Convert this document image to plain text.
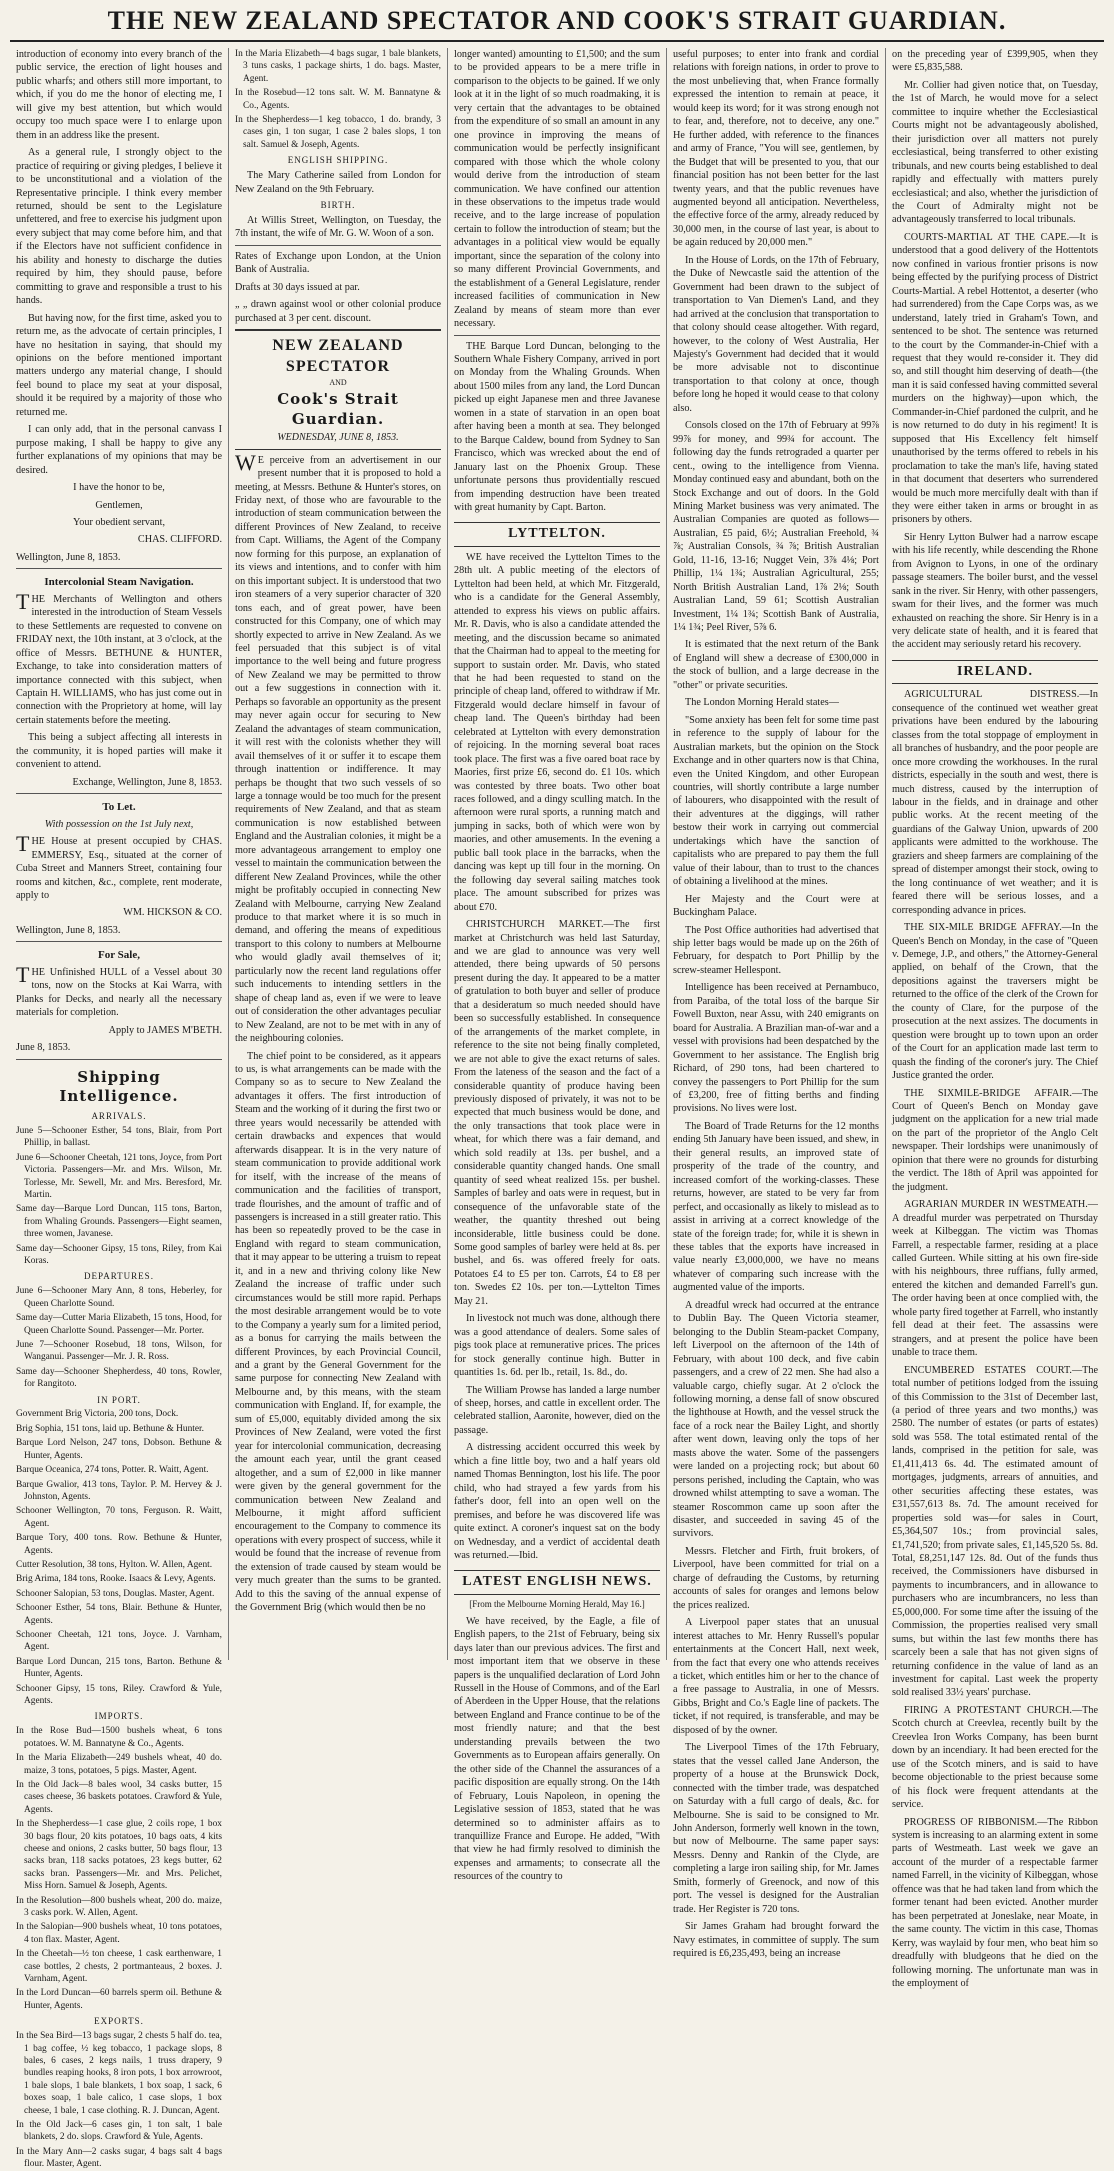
THE NEW ZEALAND SPECTATOR AND COOK'S STRAIT GUARDIAN.

introduction of economy into every branch of the public service, the erection of light houses and public wharfs; and others still more important, to which, if you do me the honor of electing me, I will give my best attention, but which would occupy too much space were I to enlarge upon them in an address like the present.

As a general rule, I strongly object to the practice of requiring or giving pledges, I believe it to be unconstitutional and a violation of the Representative principle. I think every member returned, should be sent to the Legislature unfettered, and free to exercise his judgment upon every subject that may come before him, and that if the Electors have not sufficient confidence in his ability and honesty to discharge the duties required by him, they should pause, before committing to grave and responsible a trust to his hands.

But having now, for the first time, asked you to return me, as the advocate of certain principles, I have no hesitation in saying, that should my opinions on the before mentioned important matters undergo any material change, I should feel bound to place my seat at your disposal, should it be required by a majority of those who returned me.

I can only add, that in the personal canvass I purpose making, I shall be happy to give any further explanations of my opinions that may be desired.

I have the honor to be,

Gentlemen,

Your obedient servant,

CHAS. CLIFFORD.

Wellington, June 8, 1853.

Intercolonial Steam Navigation.

THE Merchants of Wellington and others interested in the introduction of Steam Vessels to these Settlements are requested to convene on FRIDAY next, the 10th instant, at 3 o'clock, at the office of Messrs. BETHUNE & HUNTER, Exchange, to take into consideration matters of importance connected with this subject, when Captain H. WILLIAMS, who has just come out in connection with the Proprietory at home, will lay certain statements before the meeting.

This being a subject affecting all interests in the community, it is hoped parties will make it convenient to attend.

Exchange, Wellington, June 8, 1853.

To Let.

With possession on the 1st July next,

THE House at present occupied by CHAS. EMMERSY, Esq., situated at the corner of Cuba Street and Manners Street, containing four rooms and kitchen, &c., complete, rent moderate, apply to

WM. HICKSON & CO.

Wellington, June 8, 1853.

For Sale,

THE Unfinished HULL of a Vessel about 30 tons, now on the Stocks at Kai Warra, with Planks for Decks, and nearly all the necessary materials for completion.

Apply to JAMES M'BETH.

June 8, 1853.

Shipping Intelligence.
ARRIVALS.
June 5—Schooner Esther, 54 tons, Blair, from Port Phillip, in ballast.
June 6—Schooner Cheetah, 121 tons, Joyce, from Port Victoria. Passengers—Mr. and Mrs. Wilson, Mr. Torlesse, Mr. Sewell, Mr. and Mrs. Beresford, Mr. Martin.
Same day—Barque Lord Duncan, 115 tons, Barton, from Whaling Grounds. Passengers—Eight seamen, three women, Javanese.
Same day—Schooner Gipsy, 15 tons, Riley, from Kai Koras.
DEPARTURES.
June 6—Schooner Mary Ann, 8 tons, Heberley, for Queen Charlotte Sound.
Same day—Cutter Maria Elizabeth, 15 tons, Hood, for Queen Charlotte Sound. Passenger—Mr. Porter.
June 7—Schooner Rosebud, 18 tons, Wilson, for Wanganui. Passenger—Mr. J. R. Ross.
Same day—Schooner Shepherdess, 40 tons, Rowler, for Rangitoto.
IN PORT.
Government Brig Victoria, 200 tons, Dock.
Brig Sophia, 151 tons, laid up. Bethune & Hunter.
Barque Lord Nelson, 247 tons, Dobson. Bethune & Hunter, Agents.
Barque Oceanica, 274 tons, Potter. R. Waitt, Agent.
Barque Gwalior, 413 tons, Taylor. P. M. Hervey & J. Johnston, Agents.
Schooner Wellington, 70 tons, Ferguson. R. Waitt, Agent.
Barque Tory, 400 tons. Row. Bethune & Hunter, Agents.
Cutter Resolution, 38 tons, Hylton. W. Allen, Agent.
Brig Arima, 184 tons, Rooke. Isaacs & Levy, Agents.
Schooner Salopian, 53 tons, Douglas. Master, Agent.
Schooner Esther, 54 tons, Blair. Bethune & Hunter, Agents.
Schooner Cheetah, 121 tons, Joyce. J. Varnham, Agent.
Barque Lord Duncan, 215 tons, Barton. Bethune & Hunter, Agents.
Schooner Gipsy, 15 tons, Riley. Crawford & Yule, Agents.
IMPORTS.
In the Rose Bud—1500 bushels wheat, 6 tons potatoes. W. M. Bannatyne & Co., Agents.
In the Maria Elizabeth—249 bushels wheat, 40 do. maize, 3 tons, potatoes, 5 pigs. Master, Agent.
In the Old Jack—8 bales wool, 34 casks butter, 15 cases cheese, 36 baskets potatoes. Crawford & Yule, Agents.
In the Shepherdess—1 case glue, 2 coils rope, 1 box 30 bags flour, 20 kits potatoes, 10 bags oats, 4 kits cheese and onions, 2 casks butter, 50 bags flour, 13 sacks bran, 118 sacks potatoes, 23 kegs butter, 62 sacks bran. Passengers—Mr. and Mrs. Pelichet, Miss Horn. Samuel & Joseph, Agents.
In the Resolution—800 bushels wheat, 200 do. maize, 3 casks pork. W. Allen, Agent.
In the Salopian—900 bushels wheat, 10 tons potatoes, 4 ton flax. Master, Agent.
In the Cheetah—½ ton cheese, 1 cask earthenware, 1 case bottles, 2 chests, 2 portmanteaus, 2 boxes. J. Varnham, Agent.
In the Lord Duncan—60 barrels sperm oil. Bethune & Hunter, Agents.
EXPORTS.
In the Sea Bird—13 bags sugar, 2 chests 5 half do. tea, 1 bag coffee, ½ keg tobacco, 1 package slops, 8 bales, 6 cases, 2 kegs nails, 1 truss drapery, 9 bundles reaping hooks, 8 iron pots, 1 box arrowroot, 1 bale slops, 1 bale blankets, 1 box soap, 1 sack, 6 boxes soap, 1 bale calico, 1 case slops, 1 box cheese, 1 bale, 1 case clothing. R. J. Duncan, Agent.
In the Old Jack—6 cases gin, 1 ton salt, 1 bale blankets, 2 do. slops. Crawford & Yule, Agents.
In the Mary Ann—2 casks sugar, 4 bags salt 4 bags flour. Master, Agent.
In the Maria Elizabeth—4 bags sugar, 1 bale blankets, 3 tuns casks, 1 package shirts, 1 do. bags. Master, Agent.
In the Rosebud—12 tons salt. W. M. Bannatyne & Co., Agents.
In the Shepherdess—1 keg tobacco, 1 do. brandy, 3 cases gin, 1 ton sugar, 1 case 2 bales slops, 1 ton salt. Samuel & Joseph, Agents.
ENGLISH SHIPPING.

The Mary Catherine sailed from London for New Zealand on the 9th February.

BIRTH.

At Willis Street, Wellington, on Tuesday, the 7th instant, the wife of Mr. G. W. Woon of a son.

Rates of Exchange upon London, at the Union Bank of Australia.

Drafts at 30 days issued at par.

„ „ drawn against wool or other colonial produce purchased at 3 per cent. discount.

NEW ZEALAND SPECTATOR
AND
Cook's Strait Guardian.
WEDNESDAY, JUNE 8, 1853.

WE perceive from an advertisement in our present number that it is proposed to hold a meeting, at Messrs. Bethune & Hunter's stores, on Friday next, of those who are favourable to the introduction of steam communication between the different Provinces of New Zealand, to receive from Capt. Williams, the Agent of the Company now forming for this purpose, an explanation of its views and intentions, and to confer with him on this important subject. It is understood that two iron steamers of a very superior character of 320 tons each, and of great power, have been constructed for this Company, one of which may shortly expected to arrive in New Zealand. As we feel persuaded that this subject is of vital importance to the well being and future progress of New Zealand we may be permitted to throw out a few suggestions in connection with it. Perhaps so favorable an opportunity as the present may never again occur for securing to New Zealand the advantages of steam communication, it will rest with the colonists whether they will avail themselves of it or suffer it to escape them through inattention or indifference. It may perhaps be thought that two such vessels of so large a tonnage would be too much for the present requirements of New Zealand, and that as steam communication is now established between England and the Australian colonies, it might be a more advantageous arrangement to employ one vessel to maintain the communication between the different New Zealand Provinces, while the other might be profitably occupied in connecting New Zealand with Melbourne, carrying New Zealand produce to that market where it is so much in demand, and offering the means of expeditious transport to this colony to numbers at Melbourne who would gladly avail themselves of it; particularly now the recent land regulations offer such inducements to intending settlers in the shape of cheap land as, even if we were to leave out of consideration the other advantages peculiar to New Zealand, are not to be met with in any of the neighbouring colonies.

The chief point to be considered, as it appears to us, is what arrangements can be made with the Company so as to secure to New Zealand the advantages it offers. The first introduction of Steam and the working of it during the first two or three years would necessarily be attended with certain drawbacks and expences that would afterwards disappear. It is in the very nature of steam communication to provide additional work for itself, with the increase of the means of communication and the facilities of transport, trade flourishes, and the amount of traffic and of passengers is increased in a still greater ratio. This has been so repeatedly proved to be the case in England with regard to steam communication, that it may appear to be uttering a truism to repeat it, and in a new and thriving colony like New Zealand the increase of traffic under such circumstances would be still more rapid. Perhaps the most desirable arrangement would be to vote to the Company a yearly sum for a limited period, as a bonus for carrying the mails between the different Provinces, by each Provincial Council, and a grant by the General Government for the same purpose for connecting New Zealand with Melbourne and, by this means, with the steam communication with England. If, for example, the sum of £5,000, equitably divided among the six Provinces of New Zealand, were voted the first year for intercolonial communication, decreasing the amount each year, until the grant ceased altogether, and a sum of £2,000 in like manner were given by the general government for the communication between New Zealand and Melbourne, it might afford sufficient encouragement to the Company to commence its operations with every prospect of success, while it would be found that the increase of revenue from the extension of trade caused by steam would be very much greater than the sums to be granted. Add to this the saving of the annual expense of the Government Brig (which would then be no

longer wanted) amounting to £1,500; and the sum to be provided appears to be a mere trifle in comparison to the objects to be gained. If we only look at it in the light of so much roadmaking, it is very certain that the advantages to be obtained from the expenditure of so small an amount in any one province in improving the means of communication would be perfectly insignificant compared with those which the whole colony would derive from the introduction of steam communication. We have confined our attention in these observations to the impetus trade would receive, and to the large increase of population certain to follow the introduction of steam; but the advantages in a political view would be equally important, since the separation of the colony into so many different Provincial Governments, and the establishment of a General Legislature, render increased facilities of communication in New Zealand by means of steam more than ever necessary.

THE Barque Lord Duncan, belonging to the Southern Whale Fishery Company, arrived in port on Monday from the Whaling Grounds. When about 1500 miles from any land, the Lord Duncan picked up eight Japanese men and three Javanese women in a state of starvation in an open boat after having been a month at sea. They belonged to the Barque Caldew, bound from Sydney to San Francisco, which was wrecked about the end of January last on the Phoenix Group. These unfortunate persons thus providentially rescued from impending destruction have been treated with great humanity by Capt. Barton.

LYTTELTON.

WE have received the Lyttelton Times to the 28th ult. A public meeting of the electors of Lyttelton had been held, at which Mr. Fitzgerald, who is a candidate for the General Assembly, attended to express his views on public affairs. Mr. R. Davis, who is also a candidate attended the meeting, and the discussion became so animated that the Chairman had to appeal to the meeting for support to sustain order. Mr. Davis, who stated that he had been requested to stand on the principle of cheap land, offered to withdraw if Mr. Fitzgerald would declare himself in favour of cheap land. The Queen's birthday had been celebrated at Lyttelton with every demonstration of rejoicing. In the morning several boat races took place. The first was a five oared boat race by Maories, first prize £6, second do. £1 10s. which was contested by three boats. Two other boat races followed, and a dingy sculling match. In the afternoon were rural sports, a running match and jumping in sacks, both of which were won by maories, and other amusements. In the evening a public ball took place in the barracks, when the dancing was kept up till four in the morning. On the following day several sailing matches took place. The amount subscribed for prizes was about £70.

CHRISTCHURCH MARKET.—The first market at Christchurch was held last Saturday, and we are glad to announce was very well attended, there being upwards of 50 persons present during the day. It appeared to be a matter of gratulation to both buyer and seller of produce that a desideratum so much needed should have been so successfully established. In consequence of the arrangements of the market complete, in reference to the site not being finally completed, we are not able to give the exact returns of sales. From the lateness of the season and the fact of a considerable quantity of produce having been previously disposed of privately, it was not to be expected that much business would be done, and the only transactions that took place were in wheat, for which there was a fair demand, and which sold readily at 13s. per bushel, and a considerable quantity changed hands. One small quantity of seed wheat realized 15s. per bushel. Samples of barley and oats were in request, but in consequence of the unfavorable state of the weather, the quantity threshed out being inconsiderable, little business could be done. Some good samples of barley were held at 8s. per bushel, and 6s. was offered freely for oats. Potatoes £4 to £5 per ton. Carrots, £4 to £8 per ton. Swedes £2 10s. per ton.—Lyttelton Times May 21.

In livestock not much was done, although there was a good attendance of dealers. Some sales of pigs took place at remunerative prices. The prices for stock generally continue high. Butter in quantities 1s. 6d. per lb., retail, 1s. 8d., do.

The William Prowse has landed a large number of sheep, horses, and cattle in excellent order. The celebrated stallion, Aaronite, however, died on the passage.

A distressing accident occurred this week by which a fine little boy, two and a half years old named Thomas Bennington, lost his life. The poor child, who had strayed a few yards from his father's door, fell into an open well on the premises, and before he was discovered life was quite extinct. A coroner's inquest sat on the body on Wednesday, and a verdict of accidental death was returned.—Ibid.

LATEST ENGLISH NEWS.

[From the Melbourne Morning Herald, May 16.]

We have received, by the Eagle, a file of English papers, to the 21st of February, being six days later than our previous advices. The first and most important item that we observe in these papers is the unqualified declaration of Lord John Russell in the House of Commons, and of the Earl of Aberdeen in the Upper House, that the relations between England and France continue to be of the most friendly nature; and that the best understanding prevails between the two Governments as to European affairs generally. On the other side of the Channel the assurances of a pacific disposition are equally strong. On the 14th of February, Louis Napoleon, in opening the Legislative session of 1853, stated that he was determined so to administer affairs as to tranquillize France and Europe. He added, "With that view he had firmly resolved to diminish the expenses and armaments; to consecrate all the resources of the country to

useful purposes; to enter into frank and cordial relations with foreign nations, in order to prove to the most unbelieving that, when France formally expressed the intention to remain at peace, it would keep its word; for it was strong enough not to fear, and, therefore, not to deceive, any one." He further added, with reference to the finances and army of France, "You will see, gentlemen, by the Budget that will be presented to you, that our financial position has not been better for the last twenty years, and that the public revenues have augmented beyond all anticipation. Nevertheless, the effective force of the army, already reduced by 30,000 men, in the course of last year, is about to be again reduced by 20,000 men."

In the House of Lords, on the 17th of February, the Duke of Newcastle said the attention of the Government had been drawn to the subject of transportation to Van Diemen's Land, and they had arrived at the conclusion that transportation to that colony should cease altogether. With regard, however, to the colony of West Australia, Her Majesty's Government had decided that it would be more advisable not to discontinue transportation to that colony at once, though before long he hoped it would cease to that colony also.

Consols closed on the 17th of February at 99⅞ 99⅞ for money, and 99¾ for account. The following day the funds retrograded a quarter per cent., owing to the intelligence from Vienna. Monday continued easy and abundant, both on the Stock Exchange and out of doors. In the Gold Mining Market business was very animated. The Australian Companies are quoted as follows—Australian, £5 paid, 6½; Australian Freehold, ¾ ⅞; Australian Consols, ¾ ⅞; British Australian Gold, 11-16, 13-16; Nugget Vein, 3⅞ 4⅛; Port Phillip, 1¼ 1¾; Australian Agricultural, 255; North British Australian Land, 1⅞ 2⅛; South Australian Land, 59 61; Scottish Australian Investment, 1¼ 1¾; Scottish Bank of Australia, 1¼ 1¾; Peel River, 5⅞ 6.

It is estimated that the next return of the Bank of England will shew a decrease of £300,000 in the stock of bullion, and a large decrease in the "other" or private securities.

The London Morning Herald states—

"Some anxiety has been felt for some time past in reference to the supply of labour for the Australian markets, but the opinion on the Stock Exchange and in other quarters now is that China, even the United Kingdom, and other European countries, will shortly contribute a large number of labourers, who disappointed with the result of their adventures at the diggings, will rather bestow their work in carrying out commercial undertakings which have the sanction of capitalists who are prepared to pay them the full value of their labour, than to trust to the chances of obtaining a livelihood at the mines.

Her Majesty and the Court were at Buckingham Palace.

The Post Office authorities had advertised that ship letter bags would be made up on the 26th of February, for despatch to Port Phillip by the screw-steamer Hellespont.

Intelligence has been received at Pernambuco, from Paraiba, of the total loss of the barque Sir Fowell Buxton, near Assu, with 240 emigrants on board for Australia. A Brazilian man-of-war and a vessel with provisions had been despatched by the Government to her assistance. The English brig Richard, of 290 tons, had been chartered to convey the passengers to Port Phillip for the sum of £3,200, free of fitting berths and finding provisions. No lives were lost.

The Board of Trade Returns for the 12 months ending 5th January have been issued, and shew, in their general results, an improved state of prosperity of the trade of the country, and increased comfort of the working-classes. These returns, however, are stated to be very far from perfect, and occasionally as likely to mislead as to assist in arriving at a correct knowledge of the state of the foreign trade; for, while it is shewn in these tables that the exports have increased in value nearly £3,000,000, we have no means whatever of comparing such increase with the augmented value of the imports.

A dreadful wreck had occurred at the entrance to Dublin Bay. The Queen Victoria steamer, belonging to the Dublin Steam-packet Company, left Liverpool on the afternoon of the 14th of February, with about 100 deck, and five cabin passengers, and a crew of 22 men. She had also a valuable cargo, chiefly sugar. At 2 o'clock the following morning, a dense fall of snow obscured the lighthouse at Howth, and the vessel struck the face of a rock near the Bailey Light, and shortly after went down, leaving only the tops of her masts above the water. Some of the passengers were landed on a projecting rock; but about 60 persons perished, including the Captain, who was drowned whilst attempting to save a woman. The steamer Roscommon came up soon after the disaster, and succeeded in saving 45 of the survivors.

Messrs. Fletcher and Firth, fruit brokers, of Liverpool, have been committed for trial on a charge of defrauding the Customs, by returning accounts of sales for oranges and lemons below the prices realized.

A Liverpool paper states that an unusual interest attaches to Mr. Henry Russell's popular entertainments at the Concert Hall, next week, from the fact that every one who attends receives a ticket, which entitles him or her to the chance of a free passage to Australia, in one of Messrs. Gibbs, Bright and Co.'s Eagle line of packets. The ticket, if not required, is transferable, and may be disposed of by the owner.

The Liverpool Times of the 17th February, states that the vessel called Jane Anderson, the property of a house at the Brunswick Dock, connected with the timber trade, was despatched on Saturday with a full cargo of deals, &c. for Melbourne. She is said to be consigned to Mr. John Anderson, formerly well known in the town, but now of Melbourne. The same paper says: Messrs. Denny and Rankin of the Clyde, are completing a large iron sailing ship, for Mr. James Smith, formerly of Greenock, and now of this port. The vessel is designed for the Australian trade. Her Register is 720 tons.

Sir James Graham had brought forward the Navy estimates, in committee of supply. The sum required is £6,235,493, being an increase

on the preceding year of £399,905, when they were £5,835,588.

Mr. Collier had given notice that, on Tuesday, the 1st of March, he would move for a select committee to inquire whether the Ecclesiastical Courts might not be advantageously abolished, their jurisdiction over all matters not purely ecclesiastical, being transferred to other existing tribunals, and new courts being established to deal rapidly and effectually with matters purely ecclesiastical; and also, whether the jurisdiction of the Court of Admiralty might not be advantageously transferred to local tribunals.

COURTS-MARTIAL AT THE CAPE.—It is understood that a good delivery of the Hottentots now confined in various frontier prisons is now being effected by the purifying process of District Courts-Martial. A rebel Hottentot, a deserter (who had surrendered) from the Cape Corps was, as we understand, lately tried in Graham's Town, and sentenced to be shot. The sentence was returned to the court by the Commander-in-Chief with a request that they would re-consider it. They did so, and still thought him deserving of death—(the man it is said confessed having committed several murders on the highway)—upon which, the Commander-in-Chief pardoned the culprit, and he is now returned to do duty in his regiment! It is supposed that His Excellency felt himself unauthorised by the terms offered to rebels in his proclamation to take the man's life, having stated in that document that deserters who surrendered would be much more mercifully dealt with than if they were either taken in arms or brought in as prisoners by others.

Sir Henry Lytton Bulwer had a narrow escape with his life recently, while descending the Rhone from Avignon to Lyons, in one of the ordinary passage steamers. The boiler burst, and the vessel sank in the river. Sir Henry, with other passengers, swam for their lives, and the former was much exhausted on reaching the shore. Sir Henry is in a very delicate state of health, and it is feared that the accident may seriously retard his recovery.

IRELAND.

AGRICULTURAL DISTRESS.—In consequence of the continued wet weather great privations have been endured by the labouring classes from the total stoppage of employment in all branches of husbandry, and the poor people are once more crowding the workhouses. In the rural districts, especially in the south and west, there is much distress, caused by the interruption of labour in the fields, and in drainage and other public works. At the recent meeting of the guardians of the Galway Union, upwards of 200 applicants were admitted to the workhouse. The graziers and sheep farmers are complaining of the spread of distemper amongst their stock, owing to the long continuance of wet weather; and it is feared there will be serious losses, and a corresponding advance in prices.

THE SIX-MILE BRIDGE AFFRAY.—In the Queen's Bench on Monday, in the case of "Queen v. Demege, J.P., and others," the Attorney-General applied, on behalf of the Crown, that the depositions against the traversers might be returned to the office of the clerk of the Crown for the county of Clare, for the purpose of the prosecution at the next assizes. The documents in question were brought up to town upon an order of the Court for an application made last term to quash the finding of the coroner's jury. The Chief Justice granted the order.

THE SIXMILE-BRIDGE AFFAIR.—The Court of Queen's Bench on Monday gave judgment on the application for a new trial made on the part of the proprietor of the Anglo Celt newspaper. Their lordships were unanimously of opinion that there were no grounds for disturbing the verdict. The 18th of April was appointed for the judgment.

AGRARIAN MURDER IN WESTMEATH.—A dreadful murder was perpetrated on Thursday week at Kilbeggan. The victim was Thomas Farrell, a respectable farmer, residing at a place called Gurteen. While sitting at his own fire-side with his neighbours, three ruffians, fully armed, entered the kitchen and demanded Farrell's gun. The order having been at once complied with, the whole party fired together at Farrell, who instantly fell dead at their feet. The assassins were strangers, and at present the police have been unable to trace them.

ENCUMBERED ESTATES COURT.—The total number of petitions lodged from the issuing of this Commission to the 31st of December last, (a period of three years and two months,) was 2580. The number of estates (or parts of estates) sold was 558. The total estimated rental of the lands, comprised in the petition for sale, was £1,411,413 6s. 4d. The estimated amount of mortgages, judgments, arrears of annuities, and other securities affecting these estates, was £31,557,613 8s. 7d. The amount received for properties sold was—for sales in Court, £5,364,507 10s.; from provincial sales, £1,741,520; from private sales, £1,145,520 5s. 8d. Total, £8,251,147 12s. 8d. Out of the funds thus received, the Commissioners have disbursed in payments to incumbrancers, and in allowance to purchasers who are incumbrancers, no less than £5,000,000. For some time after the issuing of the Commission, the properties realised very small sums, but within the last few months there has scarcely been a sale that has not given signs of returning confidence in the value of land as an investment for capital. Last week the property sold realised 33½ years' purchase.

FIRING A PROTESTANT CHURCH.—The Scotch church at Creevlea, recently built by the Creevlea Iron Works Company, has been burnt down by an incendiary. It had been erected for the use of the Scotch miners, and is said to have become objectionable to the priest because some of his flock were frequent attendants at the service.

PROGRESS OF RIBBONISM.—The Ribbon system is increasing to an alarming extent in some parts of Westmeath. Last week we gave an account of the murder of a respectable farmer named Farrell, in the vicinity of Kilbeggan, whose offence was that he had taken land from which the former tenant had been evicted. Another murder has been perpetrated at Joneslake, near Moate, in the same county. The victim in this case, Thomas Kerry, was waylaid by four men, who beat him so dreadfully with bludgeons that he died on the following morning. The unfortunate man was in the employment of
